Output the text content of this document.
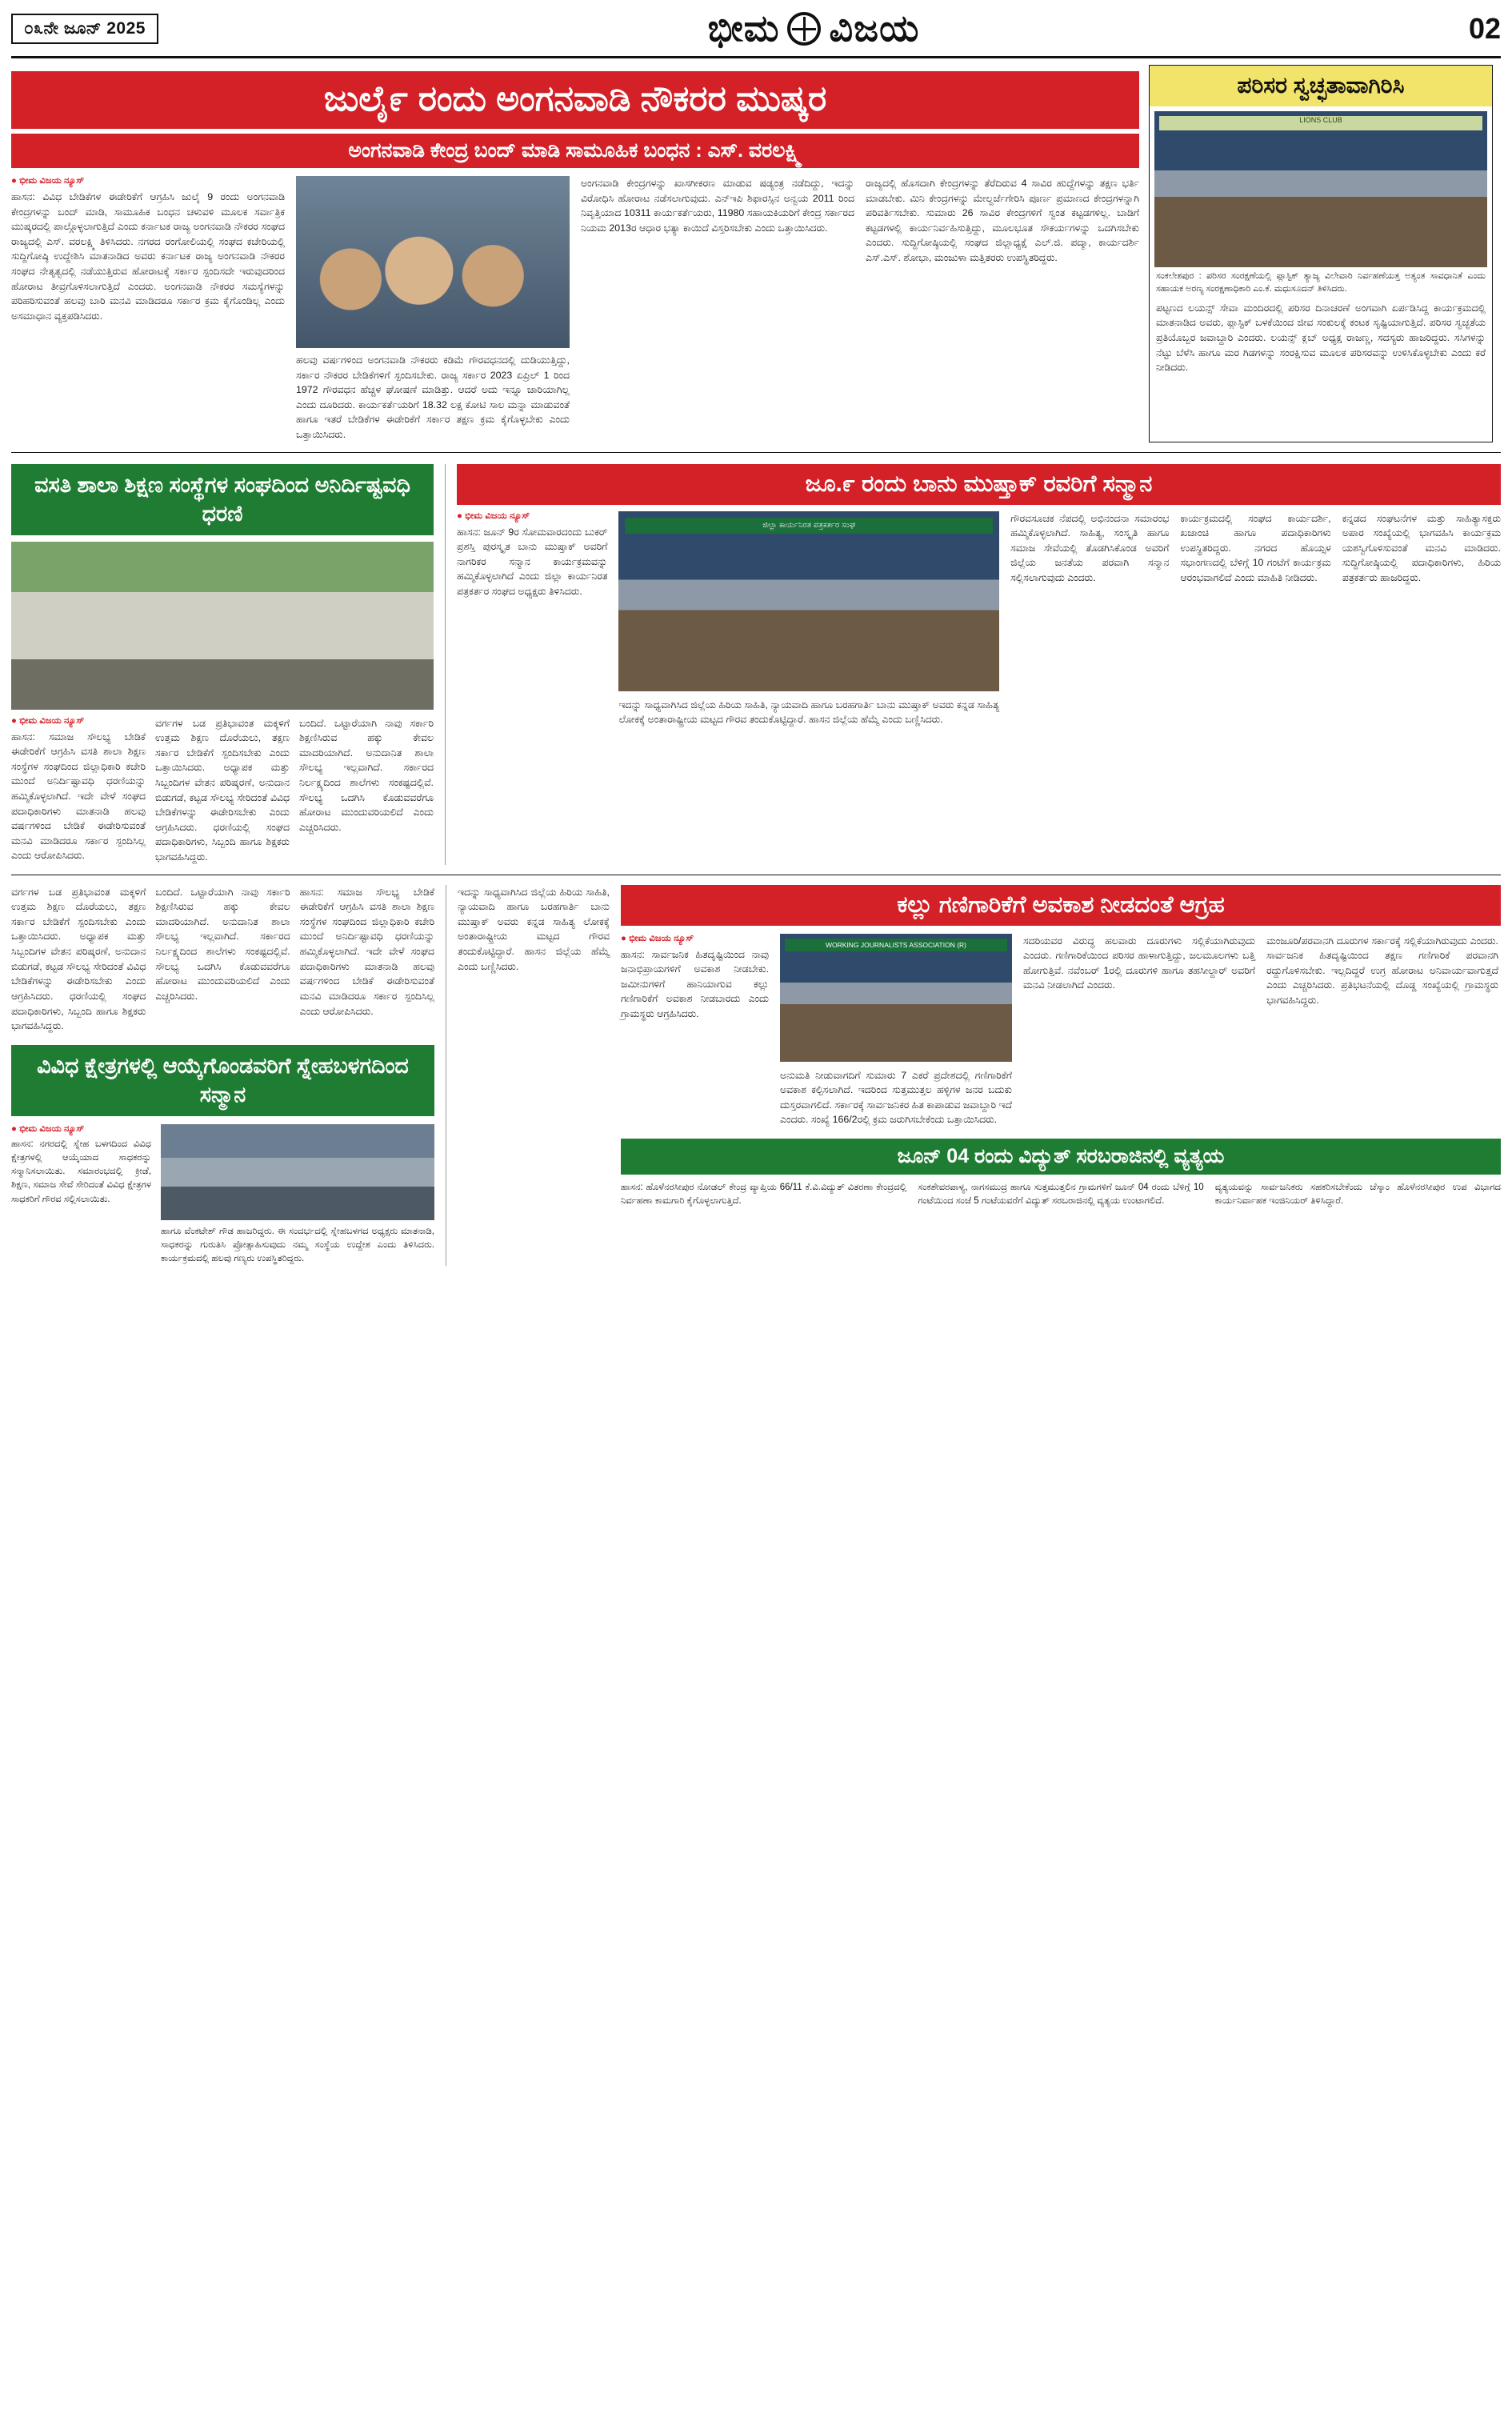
೦೩ನೇ ಜೂನ್ 2025	ಭೀಮ ವಿಜಯ	02
ಜುಲೈ೯ ರಂದು ಅಂಗನವಾಡಿ ನೌಕರರ ಮುಷ್ಕರ
ಅಂಗನವಾಡಿ ಕೇಂದ್ರ ಬಂದ್ ಮಾಡಿ ಸಾಮೂಹಿಕ ಬಂಧನ : ಎಸ್. ವರಲಕ್ಷ್ಮಿ
● ಭೀಮ ವಿಜಯ ನ್ಯೂಸ್
ಹಾಸನ: ವಿವಿಧ ಬೇಡಿಕೆಗಳ ಈಡೇರಿಕೆಗೆ ಆಗ್ರಹಿಸಿ ಜುಲೈ 9 ರಂದು ಅಂಗನವಾಡಿ ಕೇಂದ್ರಗಳನ್ನು ಬಂದ್ ಮಾಡಿ, ಸಾಮೂಹಿಕ ಬಂಧನ ಚಳುವಳಿ ಮೂಲಕ ಸರ್ವಾತ್ರಿಕ ಮುಷ್ಕರದಲ್ಲಿ ಪಾಲ್ಗೊಳ್ಳಲಾಗುತ್ತಿದೆ ಎಂದು ಕರ್ನಾಟಕ ರಾಜ್ಯ ಅಂಗನವಾಡಿ ನೌಕರರ ಸಂಘದ ರಾಜ್ಯದಲ್ಲಿ ಎಸ್. ವರಲಕ್ಷ್ಮಿ ತಿಳಿಸಿದರು. ನಗರದ ರಂಗೋಲಿಯಲ್ಲಿ ಸಂಘದ ಕಚೇರಿಯಲ್ಲಿ ಸುದ್ದಿಗೋಷ್ಠಿ ಉದ್ದೇಶಿಸಿ ಮಾತನಾಡಿದ ಅವರು ಕರ್ನಾಟಕ ರಾಜ್ಯ ಅಂಗನವಾಡಿ ನೌಕರರ ಸಂಘದ ನೇತೃತ್ವದಲ್ಲಿ ನಡೆಯುತ್ತಿರುವ ಹೋರಾಟಕ್ಕೆ ಸರ್ಕಾರ ಸ್ಪಂದಿಸದೇ ಇರುವುದರಿಂದ ಹೋರಾಟ ತೀವ್ರಗೊಳಿಸಲಾಗುತ್ತಿದೆ ಎಂದರು. ಅಂಗನವಾಡಿ ನೌಕರರ ಸಮಸ್ಯೆಗಳನ್ನು ಪರಿಹರಿಸುವಂತೆ ಹಲವು ಬಾರಿ ಮನವಿ ಮಾಡಿದರೂ ಸರ್ಕಾರ ಕ್ರಮ ಕೈಗೊಂಡಿಲ್ಲ ಎಂದು ಅಸಮಾಧಾನ ವ್ಯಕ್ತಪಡಿಸಿದರು.
ಹಲವು ವರ್ಷಗಳಿಂದ ಅಂಗನವಾಡಿ ನೌಕರರು ಕಡಿಮೆ ಗೌರವಧನದಲ್ಲಿ ದುಡಿಯುತ್ತಿದ್ದು, ಸರ್ಕಾರ ನೌಕರರ ಬೇಡಿಕೆಗಳಿಗೆ ಸ್ಪಂದಿಸಬೇಕು. ರಾಜ್ಯ ಸರ್ಕಾರ 2023 ಏಪ್ರಿಲ್ 1 ರಿಂದ 1972 ಗೌರವಧನ ಹೆಚ್ಚಳ ಘೋಷಣೆ ಮಾಡಿತ್ತು. ಆದರೆ ಅದು ಇನ್ನೂ ಜಾರಿಯಾಗಿಲ್ಲ ಎಂದು ದೂರಿದರು. ಕಾರ್ಯಕರ್ತೆಯರಿಗೆ 18.32 ಲಕ್ಷ ಕೋಟಿ ಸಾಲ ಮನ್ನಾ ಮಾಡುವಂತೆ ಹಾಗೂ ಇತರೆ ಬೇಡಿಕೆಗಳ ಈಡೇರಿಕೆಗೆ ಸರ್ಕಾರ ತಕ್ಷಣ ಕ್ರಮ ಕೈಗೊಳ್ಳಬೇಕು ಎಂದು ಒತ್ತಾಯಿಸಿದರು.
ಅಂಗನವಾಡಿ ಕೇಂದ್ರಗಳನ್ನು ಖಾಸಗೀಕರಣ ಮಾಡುವ ಷಡ್ಯಂತ್ರ ನಡೆದಿದ್ದು, ಇದನ್ನು ವಿರೋಧಿಸಿ ಹೋರಾಟ ನಡೆಸಲಾಗುವುದು. ಎನ್ಇಪಿ ಶಿಫಾರಸ್ಸಿನ ಅನ್ವಯ 2011 ರಿಂದ ನಿವೃತ್ತಿಯಾದ 10311 ಕಾರ್ಯಕರ್ತೆಯರು, 11980 ಸಹಾಯಕಿಯರಿಗೆ ಕೇಂದ್ರ ಸರ್ಕಾರದ ನಿಯಮ 2013ರ ಆಧಾರ ಭತ್ಯಾ ಕಾಯಿದೆ ವಿಸ್ತರಿಸಬೇಕು ಎಂದು ಒತ್ತಾಯಿಸಿದರು.
ರಾಜ್ಯದಲ್ಲಿ ಹೊಸದಾಗಿ ಕೇಂದ್ರಗಳನ್ನು ತೆರೆದಿರುವ 4 ಸಾವಿರ ಹುದ್ದೆಗಳನ್ನು ತಕ್ಷಣ ಭರ್ತಿ ಮಾಡಬೇಕು. ಮಿನಿ ಕೇಂದ್ರಗಳನ್ನು ಮೇಲ್ದರ್ಜೆಗೇರಿಸಿ ಪೂರ್ಣ ಪ್ರಮಾಣದ ಕೇಂದ್ರಗಳನ್ನಾಗಿ ಪರಿವರ್ತಿಸಬೇಕು. ಸುಮಾರು 26 ಸಾವಿರ ಕೇಂದ್ರಗಳಿಗೆ ಸ್ವಂತ ಕಟ್ಟಡಗಳಿಲ್ಲ. ಬಾಡಿಗೆ ಕಟ್ಟಡಗಳಲ್ಲಿ ಕಾರ್ಯನಿರ್ವಹಿಸುತ್ತಿದ್ದು, ಮೂಲಭೂತ ಸೌಕರ್ಯಗಳನ್ನು ಒದಗಿಸಬೇಕು ಎಂದರು. ಸುದ್ದಿಗೋಷ್ಠಿಯಲ್ಲಿ ಸಂಘದ ಜಿಲ್ಲಾಧ್ಯಕ್ಷೆ ಎಲ್.ಜಿ. ಪದ್ಮಾ, ಕಾರ್ಯದರ್ಶಿ ಎಸ್.ಎಸ್. ಶೋಭಾ, ಮಂಜುಳಾ ಮತ್ತಿತರರು ಉಪಸ್ಥಿತರಿದ್ದರು.
ಪರಿಸರ ಸ್ವಚ್ಛತಾವಾಗಿರಿಸಿ
LIONS CLUB
ಸಂಕಲೇಶಪುರ : ಪರಿಸರ ಸಂರಕ್ಷಣೆಯಲ್ಲಿ ಪ್ಲಾಸ್ಟಿಕ್ ತ್ಯಾಜ್ಯ ವಿಲೇವಾರಿ ನಿರ್ವಹಣೆಯತ್ತ ಅತ್ಯಂತ ಸಾವಧಾನಿತೆ ಎಂದು ಸಹಾಯಕ ಅರಣ್ಯ ಸಂರಕ್ಷಣಾಧಿಕಾರಿ ಎಂ.ಕೆ. ಮಧುಸೂದನ್ ತಿಳಿಸಿದರು.
ಪಟ್ಟಣದ ಲಯನ್ಸ್ ಸೇವಾ ಮಂದಿರದಲ್ಲಿ ಪರಿಸರ ದಿನಾಚರಣೆ ಅಂಗವಾಗಿ ಏರ್ಪಡಿಸಿದ್ದ ಕಾರ್ಯಕ್ರಮದಲ್ಲಿ ಮಾತನಾಡಿದ ಅವರು, ಪ್ಲಾಸ್ಟಿಕ್ ಬಳಕೆಯಿಂದ ಜೀವ ಸಂಕುಲಕ್ಕೆ ಕಂಟಕ ಸೃಷ್ಟಿಯಾಗುತ್ತಿದೆ. ಪರಿಸರ ಸ್ವಚ್ಛತೆಯ ಪ್ರತಿಯೊಬ್ಬರ ಜವಾಬ್ದಾರಿ ಎಂದರು. ಲಯನ್ಸ್ ಕ್ಲಬ್ ಅಧ್ಯಕ್ಷ ರಾಜಣ್ಣ, ಸದಸ್ಯರು ಹಾಜರಿದ್ದರು. ಸಸಿಗಳನ್ನು ನೆಟ್ಟು ಬೆಳೆಸಿ ಹಾಗೂ ಮರ ಗಿಡಗಳನ್ನು ಸಂರಕ್ಷಿಸುವ ಮೂಲಕ ಪರಿಸರವನ್ನು ಉಳಿಸಿಕೊಳ್ಳಬೇಕು ಎಂದು ಕರೆ ನೀಡಿದರು.
ವಸತಿ ಶಾಲಾ ಶಿಕ್ಷಣ ಸಂಸ್ಥೆಗಳ ಸಂಘದಿಂದ ಅನಿರ್ದಿಷ್ಟವಧಿ ಧರಣಿ
● ಭೀಮ ವಿಜಯ ನ್ಯೂಸ್
ಹಾಸನ: ಸಮಾಜ ಸೌಲಭ್ಯ ಬೇಡಿಕೆ ಈಡೇರಿಕೆಗೆ ಆಗ್ರಹಿಸಿ ವಸತಿ ಶಾಲಾ ಶಿಕ್ಷಣ ಸಂಸ್ಥೆಗಳ ಸಂಘದಿಂದ ಜಿಲ್ಲಾಧಿಕಾರಿ ಕಚೇರಿ ಮುಂದೆ ಅನಿರ್ದಿಷ್ಟಾವಧಿ ಧರಣಿಯನ್ನು ಹಮ್ಮಿಕೊಳ್ಳಲಾಗಿದೆ. ಇದೇ ವೇಳೆ ಸಂಘದ ಪದಾಧಿಕಾರಿಗಳು ಮಾತನಾಡಿ ಹಲವು ವರ್ಷಗಳಿಂದ ಬೇಡಿಕೆ ಈಡೇರಿಸುವಂತೆ ಮನವಿ ಮಾಡಿದರೂ ಸರ್ಕಾರ ಸ್ಪಂದಿಸಿಲ್ಲ ಎಂದು ಆರೋಪಿಸಿದರು.
ವರ್ಗಗಳ ಬಡ ಪ್ರತಿಭಾವಂತ ಮಕ್ಕಳಿಗೆ ಉತ್ತಮ ಶಿಕ್ಷಣ ದೊರೆಯಲು, ತಕ್ಷಣ ಸರ್ಕಾರ ಬೇಡಿಕೆಗೆ ಸ್ಪಂದಿಸಬೇಕು ಎಂದು ಒತ್ತಾಯಿಸಿದರು. ಅಧ್ಯಾಪಕ ಮತ್ತು ಸಿಬ್ಬಂದಿಗಳ ವೇತನ ಪರಿಷ್ಕರಣೆ, ಅನುದಾನ ಬಿಡುಗಡೆ, ಕಟ್ಟಡ ಸೌಲಭ್ಯ ಸೇರಿದಂತೆ ವಿವಿಧ ಬೇಡಿಕೆಗಳನ್ನು ಈಡೇರಿಸಬೇಕು ಎಂದು ಆಗ್ರಹಿಸಿದರು. ಧರಣಿಯಲ್ಲಿ ಸಂಘದ ಪದಾಧಿಕಾರಿಗಳು, ಸಿಬ್ಬಂದಿ ಹಾಗೂ ಶಿಕ್ಷಕರು ಭಾಗವಹಿಸಿದ್ದರು.
ಬಂದಿದೆ. ಒಟ್ಟಾರೆಯಾಗಿ ನಾವು ಸರ್ಕಾರಿ ಶಿಕ್ಷಣಿಸಿರುವ ಹಕ್ಕು ಕೇವಲ ಮಾದರಿಯಾಗಿದೆ. ಅನುದಾನಿತ ಶಾಲಾ ಸೌಲಭ್ಯ ಇಲ್ಲವಾಗಿದೆ. ಸರ್ಕಾರದ ನಿರ್ಲಕ್ಷ್ಯದಿಂದ ಶಾಲೆಗಳು ಸಂಕಷ್ಟದಲ್ಲಿವೆ. ಸೌಲಭ್ಯ ಒದಗಿಸಿ ಕೊಡುವವರೆಗೂ ಹೋರಾಟ ಮುಂದುವರಿಯಲಿದೆ ಎಂದು ಎಚ್ಚರಿಸಿದರು.
ಜೂ.೯ ರಂದು ಬಾನು ಮುಷ್ತಾಕ್ ರವರಿಗೆ ಸನ್ಮಾನ
● ಭೀಮ ವಿಜಯ ನ್ಯೂಸ್
ಹಾಸನ: ಜೂನ್ 9ರ ಸೋಮವಾರದಂದು ಬುಕರ್ ಪ್ರಶಸ್ತಿ ಪುರಸ್ಕೃತ ಬಾನು ಮುಷ್ತಾಕ್ ಅವರಿಗೆ ನಾಗರಿಕರ ಸನ್ಮಾನ ಕಾರ್ಯಕ್ರಮವನ್ನು ಹಮ್ಮಿಕೊಳ್ಳಲಾಗಿದೆ ಎಂದು ಜಿಲ್ಲಾ ಕಾರ್ಯನಿರತ ಪತ್ರಕರ್ತರ ಸಂಘದ ಅಧ್ಯಕ್ಷರು ತಿಳಿಸಿದರು.
ಜಿಲ್ಲಾ ಕಾರ್ಯನಿರತ ಪತ್ರಕರ್ತರ ಸಂಘ
ಇದನ್ನು ಸಾಧ್ಯವಾಗಿಸಿದ ಜಿಲ್ಲೆಯ ಹಿರಿಯ ಸಾಹಿತಿ, ನ್ಯಾಯವಾದಿ ಹಾಗೂ ಬರಹಗಾರ್ತಿ ಬಾನು ಮುಷ್ತಾಕ್ ಅವರು ಕನ್ನಡ ಸಾಹಿತ್ಯ ಲೋಕಕ್ಕೆ ಅಂತಾರಾಷ್ಟ್ರೀಯ ಮಟ್ಟದ ಗೌರವ ತಂದುಕೊಟ್ಟಿದ್ದಾರೆ. ಹಾಸನ ಜಿಲ್ಲೆಯ ಹೆಮ್ಮೆ ಎಂದು ಬಣ್ಣಿಸಿದರು.
ಗೌರವಸೂಚಕ ನೆಪದಲ್ಲಿ ಅಭಿನಂದನಾ ಸಮಾರಂಭ ಹಮ್ಮಿಕೊಳ್ಳಲಾಗಿದೆ. ಸಾಹಿತ್ಯ, ಸಂಸ್ಕೃತಿ ಹಾಗೂ ಸಮಾಜ ಸೇವೆಯಲ್ಲಿ ತೊಡಗಿಸಿಕೊಂಡ ಅವರಿಗೆ ಜಿಲ್ಲೆಯ ಜನತೆಯ ಪರವಾಗಿ ಸನ್ಮಾನ ಸಲ್ಲಿಸಲಾಗುವುದು ಎಂದರು.
ಕಾರ್ಯಕ್ರಮದಲ್ಲಿ ಸಂಘದ ಕಾರ್ಯದರ್ಶಿ, ಖಜಾಂಚಿ ಹಾಗೂ ಪದಾಧಿಕಾರಿಗಳು ಉಪಸ್ಥಿತರಿದ್ದರು. ನಗರದ ಹೊಯ್ಸಳ ಸಭಾಂಗಣದಲ್ಲಿ ಬೆಳಿಗ್ಗೆ 10 ಗಂಟೆಗೆ ಕಾರ್ಯಕ್ರಮ ಆರಂಭವಾಗಲಿದೆ ಎಂದು ಮಾಹಿತಿ ನೀಡಿದರು.
ಕನ್ನಡದ ಸಂಘಟನೆಗಳ ಮತ್ತು ಸಾಹಿತ್ಯಾಸಕ್ತರು ಅಪಾರ ಸಂಖ್ಯೆಯಲ್ಲಿ ಭಾಗವಹಿಸಿ ಕಾರ್ಯಕ್ರಮ ಯಶಸ್ವಿಗೊಳಿಸುವಂತೆ ಮನವಿ ಮಾಡಿದರು. ಸುದ್ದಿಗೋಷ್ಠಿಯಲ್ಲಿ ಪದಾಧಿಕಾರಿಗಳು, ಹಿರಿಯ ಪತ್ರಕರ್ತರು ಹಾಜರಿದ್ದರು.
ವರ್ಗಗಳ ಬಡ ಪ್ರತಿಭಾವಂತ ಮಕ್ಕಳಿಗೆ ಉತ್ತಮ ಶಿಕ್ಷಣ ದೊರೆಯಲು, ತಕ್ಷಣ ಸರ್ಕಾರ ಬೇಡಿಕೆಗೆ ಸ್ಪಂದಿಸಬೇಕು ಎಂದು ಒತ್ತಾಯಿಸಿದರು. ಅಧ್ಯಾಪಕ ಮತ್ತು ಸಿಬ್ಬಂದಿಗಳ ವೇತನ ಪರಿಷ್ಕರಣೆ, ಅನುದಾನ ಬಿಡುಗಡೆ, ಕಟ್ಟಡ ಸೌಲಭ್ಯ ಸೇರಿದಂತೆ ವಿವಿಧ ಬೇಡಿಕೆಗಳನ್ನು ಈಡೇರಿಸಬೇಕು ಎಂದು ಆಗ್ರಹಿಸಿದರು. ಧರಣಿಯಲ್ಲಿ ಸಂಘದ ಪದಾಧಿಕಾರಿಗಳು, ಸಿಬ್ಬಂದಿ ಹಾಗೂ ಶಿಕ್ಷಕರು ಭಾಗವಹಿಸಿದ್ದರು.
ಬಂದಿದೆ. ಒಟ್ಟಾರೆಯಾಗಿ ನಾವು ಸರ್ಕಾರಿ ಶಿಕ್ಷಣಿಸಿರುವ ಹಕ್ಕು ಕೇವಲ ಮಾದರಿಯಾಗಿದೆ. ಅನುದಾನಿತ ಶಾಲಾ ಸೌಲಭ್ಯ ಇಲ್ಲವಾಗಿದೆ. ಸರ್ಕಾರದ ನಿರ್ಲಕ್ಷ್ಯದಿಂದ ಶಾಲೆಗಳು ಸಂಕಷ್ಟದಲ್ಲಿವೆ. ಸೌಲಭ್ಯ ಒದಗಿಸಿ ಕೊಡುವವರೆಗೂ ಹೋರಾಟ ಮುಂದುವರಿಯಲಿದೆ ಎಂದು ಎಚ್ಚರಿಸಿದರು.
ಹಾಸನ: ಸಮಾಜ ಸೌಲಭ್ಯ ಬೇಡಿಕೆ ಈಡೇರಿಕೆಗೆ ಆಗ್ರಹಿಸಿ ವಸತಿ ಶಾಲಾ ಶಿಕ್ಷಣ ಸಂಸ್ಥೆಗಳ ಸಂಘದಿಂದ ಜಿಲ್ಲಾಧಿಕಾರಿ ಕಚೇರಿ ಮುಂದೆ ಅನಿರ್ದಿಷ್ಟಾವಧಿ ಧರಣಿಯನ್ನು ಹಮ್ಮಿಕೊಳ್ಳಲಾಗಿದೆ. ಇದೇ ವೇಳೆ ಸಂಘದ ಪದಾಧಿಕಾರಿಗಳು ಮಾತನಾಡಿ ಹಲವು ವರ್ಷಗಳಿಂದ ಬೇಡಿಕೆ ಈಡೇರಿಸುವಂತೆ ಮನವಿ ಮಾಡಿದರೂ ಸರ್ಕಾರ ಸ್ಪಂದಿಸಿಲ್ಲ ಎಂದು ಆರೋಪಿಸಿದರು.
ವಿವಿಧ ಕ್ಷೇತ್ರಗಳಲ್ಲಿ ಆಯ್ಕೆಗೊಂಡವರಿಗೆ ಸ್ನೇಹಬಳಗದಿಂದ ಸನ್ಮಾನ
● ಭೀಮ ವಿಜಯ ನ್ಯೂಸ್
ಹಾಸನ: ನಗರದಲ್ಲಿ ಸ್ನೇಹ ಬಳಗದಿಂದ ವಿವಿಧ ಕ್ಷೇತ್ರಗಳಲ್ಲಿ ಆಯ್ಕೆಯಾದ ಸಾಧಕರನ್ನು ಸನ್ಮಾನಿಸಲಾಯಿತು. ಸಮಾರಂಭದಲ್ಲಿ ಕ್ರೀಡೆ, ಶಿಕ್ಷಣ, ಸಮಾಜ ಸೇವೆ ಸೇರಿದಂತೆ ವಿವಿಧ ಕ್ಷೇತ್ರಗಳ ಸಾಧಕರಿಗೆ ಗೌರವ ಸಲ್ಲಿಸಲಾಯಿತು.
ಹಾಗೂ ವೆಂಕಟೇಶ್ ಗೌಡ ಹಾಜರಿದ್ದರು. ಈ ಸಂದರ್ಭದಲ್ಲಿ ಸ್ನೇಹಬಳಗದ ಅಧ್ಯಕ್ಷರು ಮಾತನಾಡಿ, ಸಾಧಕರನ್ನು ಗುರುತಿಸಿ ಪ್ರೋತ್ಸಾಹಿಸುವುದು ನಮ್ಮ ಸಂಸ್ಥೆಯ ಉದ್ದೇಶ ಎಂದು ತಿಳಿಸಿದರು. ಕಾರ್ಯಕ್ರಮದಲ್ಲಿ ಹಲವು ಗಣ್ಯರು ಉಪಸ್ಥಿತರಿದ್ದರು.
ಇದನ್ನು ಸಾಧ್ಯವಾಗಿಸಿದ ಜಿಲ್ಲೆಯ ಹಿರಿಯ ಸಾಹಿತಿ, ನ್ಯಾಯವಾದಿ ಹಾಗೂ ಬರಹಗಾರ್ತಿ ಬಾನು ಮುಷ್ತಾಕ್ ಅವರು ಕನ್ನಡ ಸಾಹಿತ್ಯ ಲೋಕಕ್ಕೆ ಅಂತಾರಾಷ್ಟ್ರೀಯ ಮಟ್ಟದ ಗೌರವ ತಂದುಕೊಟ್ಟಿದ್ದಾರೆ. ಹಾಸನ ಜಿಲ್ಲೆಯ ಹೆಮ್ಮೆ ಎಂದು ಬಣ್ಣಿಸಿದರು.
ಕಲ್ಲು ಗಣಿಗಾರಿಕೆಗೆ ಅವಕಾಶ ನೀಡದಂತೆ ಆಗ್ರಹ
● ಭೀಮ ವಿಜಯ ನ್ಯೂಸ್
ಹಾಸನ: ಸಾರ್ವಜನಿಕ ಹಿತದೃಷ್ಟಿಯಿಂದ ನಾವು ಜನಾಭಿಪ್ರಾಯಗಳಿಗೆ ಅವಕಾಶ ನೀಡಬೇಕು. ಜಮೀನುಗಳಿಗೆ ಹಾನಿಯಾಗುವ ಕಲ್ಲು ಗಣಿಗಾರಿಕೆಗೆ ಅವಕಾಶ ನೀಡಬಾರದು ಎಂದು ಗ್ರಾಮಸ್ಥರು ಆಗ್ರಹಿಸಿದರು.
WORKING JOURNALISTS ASSOCIATION (R)
ಅನುಮತಿ ನೀಡುವಾಗದಿಗೆ ಸುಮಾರು 7 ಎಕರೆ ಪ್ರದೇಶದಲ್ಲಿ ಗಣಿಗಾರಿಕೆಗೆ ಅವಕಾಶ ಕಲ್ಪಿಸಲಾಗಿದೆ. ಇದರಿಂದ ಸುತ್ತಮುತ್ತಲ ಹಳ್ಳಿಗಳ ಜನರ ಬದುಕು ದುಸ್ತರವಾಗಲಿದೆ. ಸರ್ಕಾರಕ್ಕೆ ಸಾರ್ವಜನಿಕರ ಹಿತ ಕಾಪಾಡುವ ಜವಾಬ್ದಾರಿ ಇದೆ ಎಂದರು. ಸಂಖ್ಯೆ 166/2ರಲ್ಲಿ ಕ್ರಮ ಜರುಗಿಸಬೇಕೆಂದು ಒತ್ತಾಯಿಸಿದರು.
ಸದರಿಯವರ ವಿರುದ್ಧ ಹಲವಾರು ದೂರುಗಳು ಸಲ್ಲಿಕೆಯಾಗಿರುವುದು ಎಂದರು. ಗಣಿಗಾರಿಕೆಯಿಂದ ಪರಿಸರ ಹಾಳಾಗುತ್ತಿದ್ದು, ಜಲಮೂಲಗಳು ಬತ್ತಿ ಹೋಗುತ್ತಿವೆ. ನವೆಂಬರ್ 1ರಲ್ಲಿ ದೂರುಗಳಿ ಹಾಗೂ ತಹಸೀಲ್ದಾರ್ ಅವರಿಗೆ ಮನವಿ ನೀಡಲಾಗಿದೆ ಎಂದರು.
ಮಂಜೂರಿ/ಪರವಾನಗಿ ದೂರುಗಳ ಸರ್ಕಾರಕ್ಕೆ ಸಲ್ಲಿಕೆಯಾಗಿರುವುದು ಎಂದರು. ಸಾರ್ವಜನಿಕ ಹಿತದೃಷ್ಟಿಯಿಂದ ತಕ್ಷಣ ಗಣಿಗಾರಿಕೆ ಪರವಾನಗಿ ರದ್ದುಗೊಳಿಸಬೇಕು. ಇಲ್ಲದಿದ್ದರೆ ಉಗ್ರ ಹೋರಾಟ ಅನಿವಾರ್ಯವಾಗುತ್ತದೆ ಎಂದು ಎಚ್ಚರಿಸಿದರು. ಪ್ರತಿಭಟನೆಯಲ್ಲಿ ದೊಡ್ಡ ಸಂಖ್ಯೆಯಲ್ಲಿ ಗ್ರಾಮಸ್ಥರು ಭಾಗವಹಿಸಿದ್ದರು.
ಜೂನ್ 04 ರಂದು ವಿದ್ಯುತ್ ಸರಬರಾಜಿನಲ್ಲಿ ವ್ಯತ್ಯಯ
ಹಾಸನ: ಹೊಳೆನರಸೀಪುರ ನೋಡಲ್ ಕೇಂದ್ರ ವ್ಯಾಪ್ತಿಯ 66/11 ಕೆ.ವಿ.ವಿದ್ಯುತ್ ವಿತರಣಾ ಕೇಂದ್ರದಲ್ಲಿ ನಿರ್ವಹಣಾ ಕಾಮಗಾರಿ ಕೈಗೊಳ್ಳಲಾಗುತ್ತಿದೆ.
ಸಂಕಶೇವರಪಾಳ್ಯ, ನಾಗಸಮುದ್ರ ಹಾಗೂ ಸುತ್ತಮುತ್ತಲಿನ ಗ್ರಾಮಗಳಿಗೆ ಜೂನ್ 04 ರಂದು ಬೆಳಿಗ್ಗೆ 10 ಗಂಟೆಯಿಂದ ಸಂಜೆ 5 ಗಂಟೆಯವರೆಗೆ ವಿದ್ಯುತ್ ಸರಬರಾಜಿನಲ್ಲಿ ವ್ಯತ್ಯಯ ಉಂಟಾಗಲಿದೆ.
ವ್ಯತ್ಯಯವನ್ನು ಸಾರ್ವಜನಿಕರು ಸಹಕರಿಸಬೇಕೆಂದು ಚೆಸ್ಕಾಂ ಹೊಳೆನರಸೀಪುರ ಉಪ ವಿಭಾಗದ ಕಾರ್ಯನಿರ್ವಾಹಕ ಇಂಜಿನಿಯರ್ ತಿಳಿಸಿದ್ದಾರೆ.
